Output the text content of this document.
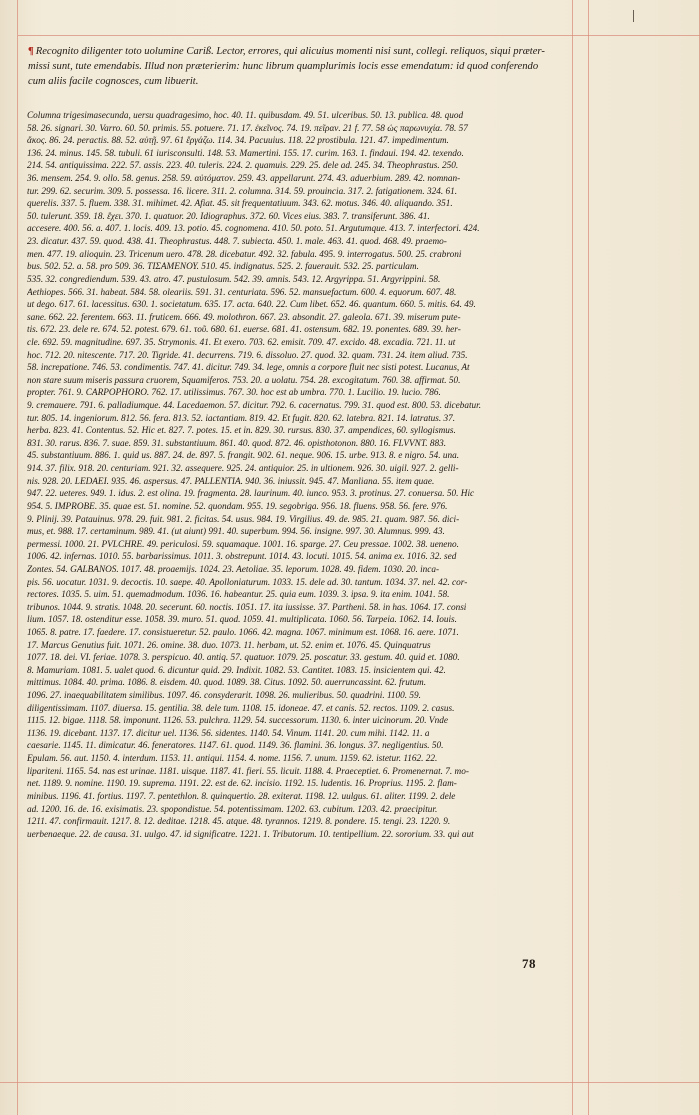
¶ Recognito diligenter toto uolumine Cariß. Lector, errores, qui alicuius momenti nisi sunt, collegi. reliquos, siqui præter-
missi sunt, tute emendabis. Illud non præterierim: hunc librum quamplurimis locis esse emendatum: id quod conferendo
cum aliis facile cognosces, cum libuerit.
Columna trigesimasecunda, uersu quadragesimo, hoc. 40. 11. quibusdam. 49. 51. ulceribus. 50. 13. publica. 48. quod
58. 26. signari. 30. Varro. 60. 50. primis. 55. potuere. 71. 17. ἐκεῖνος. 74. 19. πεῖραν. 21 f. 77. 58 ὡς παρωνυχία. 78. 57
ἄκος. 86. 24. peractis. 88. 52. αὐτῇ. 97. 61 ἔργάζω. 114. 34. Pacuuius. 118. 22 prostibula. 121. 47. impedimentum.
136. 24. minus. 145. 58. tubuli. 61 iurisconsulti. 148. 53. Mamertini. 155. 17. curim. 163. 1. findaui. 194. 42. texendo.
214. 54. antiquissima. 222. 57. assis. 223. 40. tuleris. 224. 2. quamuis. 229. 25. dele ad. 245. 34. Theophrastus. 250.
36. mensem. 254. 9. ollo. 58. genus. 258. 59. αὐτόματον. 259. 43. appellarunt. 274. 43. aduerbium. 289. 42. nomnan-
tur. 299. 62. securim. 309. 5. possessa. 16. licere. 311. 2. columna. 314. 59. prouincia. 317. 2. fatigationem. 324. 61.
querelis. 337. 5. fluem. 338. 31. mihimet. 42. Afiat. 45. sit frequentatiuum. 343. 62. motus. 346. 40. aliquando. 351.
50. tulerunt. 359. 18. ἔχει. 370. 1. quatuor. 20. Idiographus. 372. 60. Vices eius. 383. 7. transiferunt. 386. 41.
accesere. 400. 56. a. 407. 1. locis. 409. 13. potio. 45. cognomena. 410. 50. poto. 51. Argutumque. 413. 7. interfectori. 424.
23. dicatur. 437. 59. quod. 438. 41. Theophrastus. 448. 7. subiecta. 450. 1. male. 463. 41. quod. 468. 49. praemo-
men. 477. 19. alioquin. 23. Tricenum uero. 478. 28. dicebatur. 492. 32. fabula. 495. 9. interrogatus. 500. 25. crabroni
bus. 502. 52. a. 58. pro 509. 36. ΤΙΣΑΜΕΝΟΥ. 510. 45. indignatus. 525. 2. fauerauit. 532. 25. particulam.
535. 32. congrediendum. 539. 43. atro. 47. pustulosum. 542. 39. amnis. 543. 12. Argyrippa. 51. Argyrippini. 58.
Aethiopes. 566. 31. habeat. 584. 58. oleariis. 591. 31. centuriata. 596. 52. mansuefactum. 600. 4. equorum. 607. 48.
ut dego. 617. 61. lacessitus. 630. 1. societatum. 635. 17. acta. 640. 22. Cum libet. 652. 46. quantum. 660. 5. mitis. 64. 49.
sane. 662. 22. ferentem. 663. 11. fruticem. 666. 49. molothron. 667. 23. absondit. 27. galeola. 671. 39. miserum pute-
tis. 672. 23. dele re. 674. 52. potest. 679. 61. τοῦ. 680. 61. euerse. 681. 41. ostensum. 682. 19. ponentes. 689. 39. her-
cle. 692. 59. magnitudine. 697. 35. Strymonis. 41. Et exero. 703. 62. emisit. 709. 47. excido. 48. excadia. 721. 11. ut
hoc. 712. 20. nitescente. 717. 20. Tigride. 41. decurrens. 719. 6. dissoluo. 27. quod. 32. quam. 731. 24. item aliud. 735.
58. increpatione. 746. 53. condimentis. 747. 41. dicitur. 749. 34. lege, omnis a corpore fluit nec sisti potest. Lucanus, At
non stare suum miseris passura cruorem, Squamiferos. 753. 20. a uolatu. 754. 28. excogitatum. 760. 38. affirmat. 50.
propter. 761. 9. CARPOPHORO. 762. 17. utilissimus. 767. 30. hoc est ab umbra. 770. 1. Lucilio. 19. lucio. 786.
9. cremauere. 791. 6. palladiumque. 44. Lacedaemon. 57. dicitur. 792. 6. cacernatus. 799. 31. quod est. 800. 53. dicebatur.
tur. 805. 14. ingeniorum. 812. 56. fera. 813. 52. iactantiam. 819. 42. Et fugit. 820. 62. latebra. 821. 14. latratus. 37.
herba. 823. 41. Contentus. 52. Hic et. 827. 7. potes. 15. et in. 829. 30. rursus. 830. 37. ampendices, 60. syllogismus.
831. 30. rarus. 836. 7. suae. 859. 31. substantiuum. 861. 40. quod. 872. 46. opisthotonon. 880. 16. FLVVNT. 883.
45. substantiuum. 886. 1. quid us. 887. 24. de. 897. 5. frangit. 902. 61. neque. 906. 15. urbe. 913. 8. e nigro. 54. una.
914. 37. filix. 918. 20. centuriam. 921. 32. assequere. 925. 24. antiquior. 25. in ultionem. 926. 30. uigil. 927. 2. gelli-
nis. 928. 20. LEDAEI. 935. 46. aspersus. 47. PALLENTIA. 940. 36. iniussit. 945. 47. Manliana. 55. item quae.
947. 22. ueteres. 949. 1. idus. 2. est olina. 19. fragmenta. 28. laurinum. 40. iunco. 953. 3. protinus. 27. conuersa. 50. Hic
954. 5. IMPROBE. 35. quae est. 51. nomine. 52. quondam. 955. 19. segobriga. 956. 18. fluens. 958. 56. fere. 976.
9. Plinij. 39. Patauinus. 978. 29. fuit. 981. 2. ficitas. 54. usus. 984. 19. Virgilius. 49. de. 985. 21. quam. 987. 56. dici-
mus, et. 988. 17. certaminum. 989. 41. (ut aiunt) 991. 40. superbum. 994. 56. insigne. 997. 30. Alumnus. 999. 43.
permessi. 1000. 21. PVLCHRE. 49. periculosi. 59. squamaque. 1001. 16. sparge. 27. Ceu pressae. 1002. 38. ueneno.
1006. 42. infernas. 1010. 55. barbarissimus. 1011. 3. obstrepunt. 1014. 43. locuti. 1015. 54. anima ex. 1016. 32. sed
Zontes. 54. GALBANOS. 1017. 48. proaemijs. 1024. 23. Aetoliae. 35. leporum. 1028. 49. fidem. 1030. 20. inca-
pis. 56. uocatur. 1031. 9. decoctis. 10. saepe. 40. Apolloniaturum. 1033. 15. dele ad. 30. tantum. 1034. 37. nel. 42. cor-
rectores. 1035. 5. uim. 51. quemadmodum. 1036. 16. habeantur. 25. quia eum. 1039. 3. ipsa. 9. ita enim. 1041. 58.
tribunos. 1044. 9. stratis. 1048. 20. secerunt. 60. noctis. 1051. 17. ita iussisse. 37. Partheni. 58. in has. 1064. 17. consi
lium. 1057. 18. ostenditur esse. 1058. 39. muro. 51. quod. 1059. 41. multiplicata. 1060. 56. Tarpeia. 1062. 14. Iouis.
1065. 8. patre. 17. faedere. 17. consistueretur. 52. paulo. 1066. 42. magna. 1067. minimum est. 1068. 16. aere. 1071.
17. Marcus Genutius fuit. 1071. 26. omine. 38. duo. 1073. 11. herbam, ut. 52. enim et. 1076. 45. Quinquatrus
1077. 18. dei. VI. feriae. 1078. 3. perspicuo. 40. antiq. 57. quatuor. 1079. 25. poscatur. 33. gestum. 40. quid et. 1080.
8. Mamuriam. 1081. 5. ualet quod. 6. dicuntur quid. 29. Indixit. 1082. 53. Cantitet. 1083. 15. insicientem qui. 42.
mittimus. 1084. 40. prima. 1086. 8. eisdem. 40. quod. 1089. 38. Citus. 1092. 50. auerruncassint. 62. frutum.
1096. 27. inaequabilitatem similibus. 1097. 46. consyderarit. 1098. 26. mulieribus. 50. quadrini. 1100. 59.
diligentissimam. 1107. diuersa. 15. gentilia. 38. dele tum. 1108. 15. idoneae. 47. et canis. 52. rectos. 1109. 2. casus.
1115. 12. bigae. 1118. 58. imponunt. 1126. 53. pulchra. 1129. 54. successorum. 1130. 6. inter uicinorum. 20. Vnde
1136. 19. dicebant. 1137. 17. dicitur uel. 1136. 56. sidentes. 1140. 54. Vinum. 1141. 20. cum mihi. 1142. 11. a
caesarie. 1145. 11. dimicatur. 46. feneratores. 1147. 61. quod. 1149. 36. flamini. 36. longus. 37. negligentius. 50.
Epulam. 56. aut. 1150. 4. interdum. 1153. 11. antiqui. 1154. 4. nome. 1156. 7. unum. 1159. 62. istetur. 1162. 22.
lipariteni. 1165. 54. nas est urinae. 1181. uisque. 1187. 41. fieri. 55. licuit. 1188. 4. Praeceptiet. 6. Promenernat. 7. mo-
net. 1189. 9. nomine. 1190. 19. suprema. 1191. 22. est de. 62. incisio. 1192. 15. ludentis. 16. Proprius. 1195. 2. flam-
minibus. 1196. 41. fortius. 1197. 7. pentethlon. 8. quinquertio. 28. exiterat. 1198. 12. uulgus. 61. aliter. 1199. 2. dele
ad. 1200. 16. de. 16. exisimatis. 23. spopondistue. 54. potentissimam. 1202. 63. cubitum. 1203. 42. praecipitur.
1211. 47. confirmauit. 1217. 8. 12. deditae. 1218. 45. atque. 48. tyrannos. 1219. 8. pondere. 15. tengi. 23. 1220. 9.
uerbenaeque. 22. de causa. 31. uulgo. 47. id significatre. 1221. 1. Tributorum. 10. tentipellium. 22. sororium. 33. qui aut
78
